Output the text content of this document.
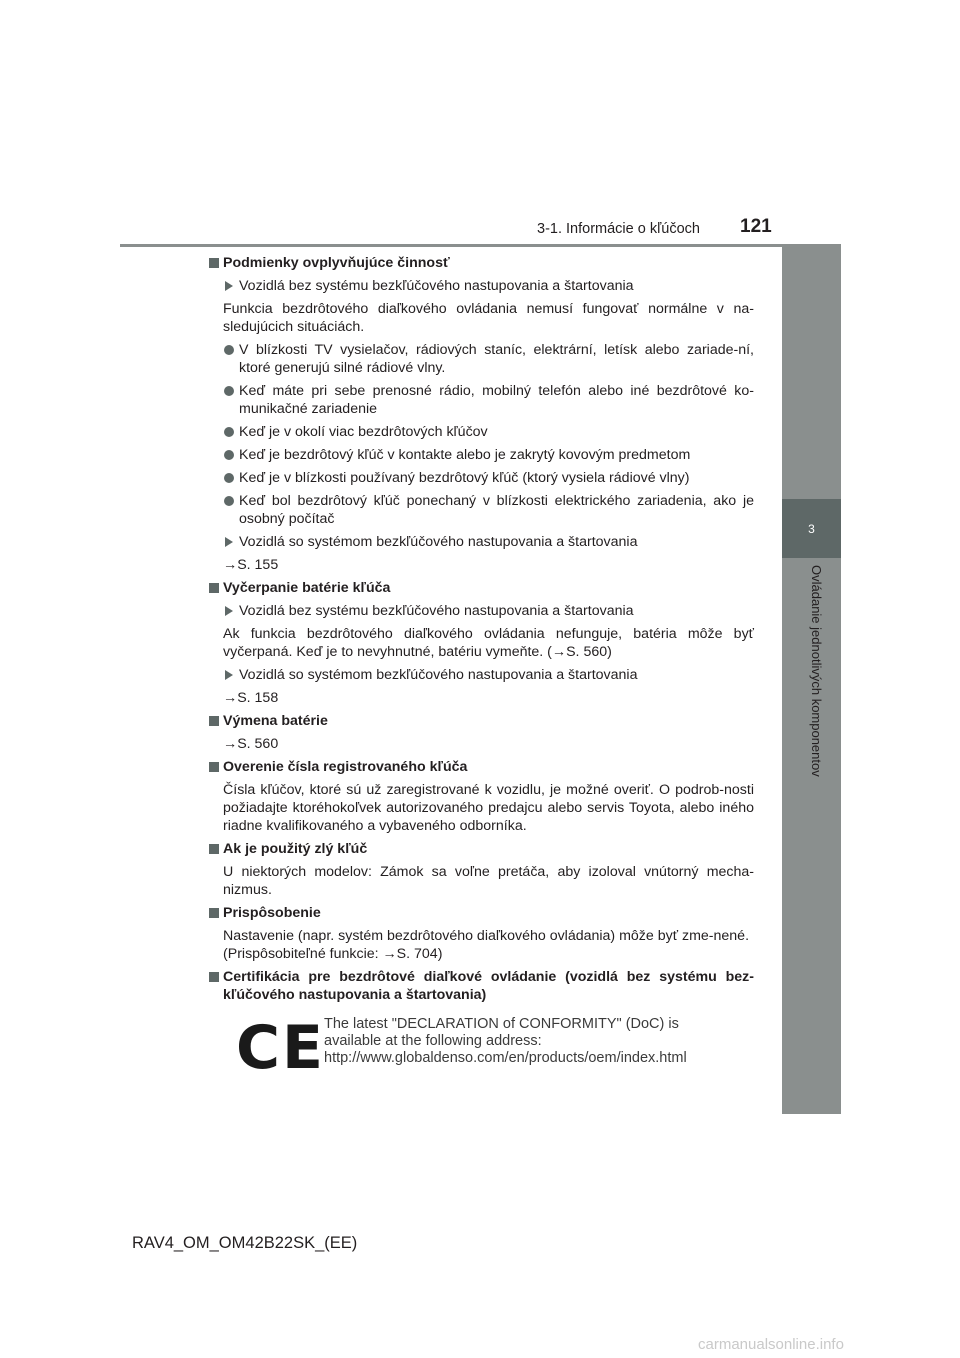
3-1. Informácie o kľúčoch 121
3
Ovládanie jednotlivých komponentov
Podmienky ovplyvňujúce činnosť
Vozidlá bez systému bezkľúčového nastupovania a štartovania
Funkcia bezdrôtového diaľkového ovládania nemusí fungovať normálne v na-sledujúcich situáciách.
V blízkosti TV vysielačov, rádiových staníc, elektrární, letísk alebo zariade-ní, ktoré generujú silné rádiové vlny.
Keď máte pri sebe prenosné rádio, mobilný telefón alebo iné bezdrôtové ko-munikačné zariadenie
Keď je v okolí viac bezdrôtových kľúčov
Keď je bezdrôtový kľúč v kontakte alebo je zakrytý kovovým predmetom
Keď je v blízkosti používaný bezdrôtový kľúč (ktorý vysiela rádiové vlny)
Keď bol bezdrôtový kľúč ponechaný v blízkosti elektrického zariadenia, ako je osobný počítač
Vozidlá so systémom bezkľúčového nastupovania a štartovania
→S. 155
Vyčerpanie batérie kľúča
Vozidlá bez systému bezkľúčového nastupovania a štartovania
Ak funkcia bezdrôtového diaľkového ovládania nefunguje, batéria môže byť vyčerpaná. Keď je to nevyhnutné, batériu vymeňte. (→S. 560)
Vozidlá so systémom bezkľúčového nastupovania a štartovania
→S. 158
Výmena batérie
→S. 560
Overenie čísla registrovaného kľúča
Čísla kľúčov, ktoré sú už zaregistrované k vozidlu, je možné overiť. O podrob-nosti požiadajte ktoréhokoľvek autorizovaného predajcu alebo servis Toyota, alebo iného riadne kvalifikovaného a vybaveného odborníka.
Ak je použitý zlý kľúč
U niektorých modelov: Zámok sa voľne pretáča, aby izoloval vnútorný mecha-nizmus.
Prispôsobenie
Nastavenie (napr. systém bezdrôtového diaľkového ovládania) môže byť zme-nené.
(Prispôsobiteľné funkcie: →S. 704)
Certifikácia pre bezdrôtové diaľkové ovládanie (vozidlá bez systému bez-kľúčového nastupovania a štartovania)
CE
The latest "DECLARATION of CONFORMITY" (DoC) is
available at the following address:
http://www.globaldenso.com/en/products/oem/index.html
RAV4_OM_OM42B22SK_(EE)
carmanualsonline.info
